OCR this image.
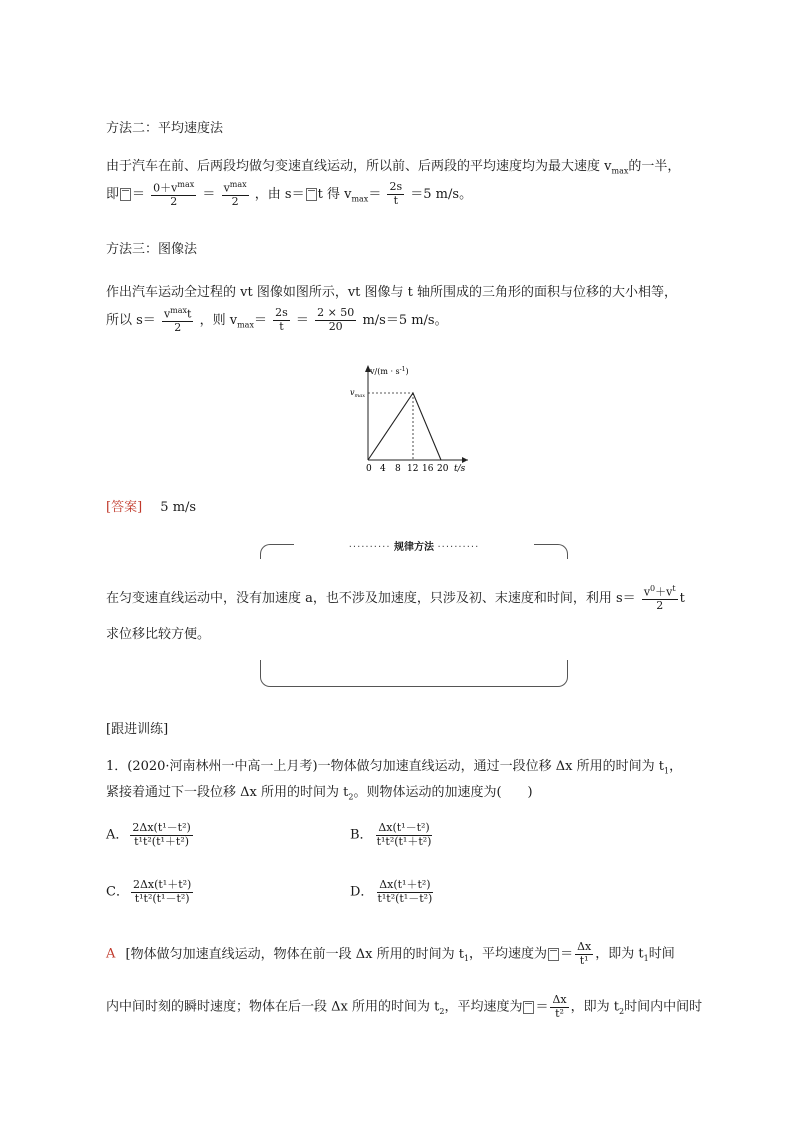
方法二：平均速度法
由于汽车在前、后两段均做匀变速直线运动，所以前、后两段的平均速度均为最大速度 $v_{max}$的一半，
即 ＝ $\frac{0+v^{max}}{2} = \frac{v^{max}}{2}$ ，由 s＝ t 得 $v_{max}= \frac{2s}{t} =5$ m/s。
方法三：图像法
作出汽车运动全过程的 vt 图像如图所示，vt 图像与 t 轴所围成的三角形的面积与位移的大小相等，
所以 $s= \frac{v^{max}t}{2}$ ，则 $v_{max}= \frac{2s}{t} = \frac{2 \times 50}{20} m/s=5$ m/s。
$v/(m \cdot s^{-1})$
$v_{max}$
0 4 8 12 16 20 t/s
[答案] 5 m/s
·········· 规律方法 ··········
在匀变速直线运动中，没有加速度 a，也不涉及加速度，只涉及初、末速度和时间，利用 $s= \frac{v^0+v^t}{2}$ t
求位移比较方便。
[跟进训练]
1．(2020·河南林州一中高一上月考)一物体做匀加速直线运动，通过一段位移 Δx 所用的时间为 $t_1$，
紧接着通过下一段位移 Δx 所用的时间为 $t_2$。则物体运动的加速度为(　　)
A． $\frac{\text{2Δx(t¹－t²)}}{\text{t¹t²(t¹＋t²)}}$	B． $\frac{\text{Δx(t¹－t²)}}{\text{t¹t²(t¹＋t²)}}$
C． $\frac{\text{2Δx(t¹＋t²)}}{\text{t¹t²(t¹－t²)}}$	D． $\frac{\text{Δx(t¹＋t²)}}{\text{t¹t²(t¹－t²)}}$
A [物体做匀加速直线运动，物体在前一段 Δx 所用的时间为 $t_1$，平均速度为 ＝ $\frac{\Delta x}{\text{t¹}}$ ，即为 $t_1$时间
内中间时刻的瞬时速度；物体在后一段 Δx 所用的时间为 $t_2$，平均速度为 ＝ $\frac{\Delta x}{\text{t²}}$ ，即为 $t_2$时间内中间时
